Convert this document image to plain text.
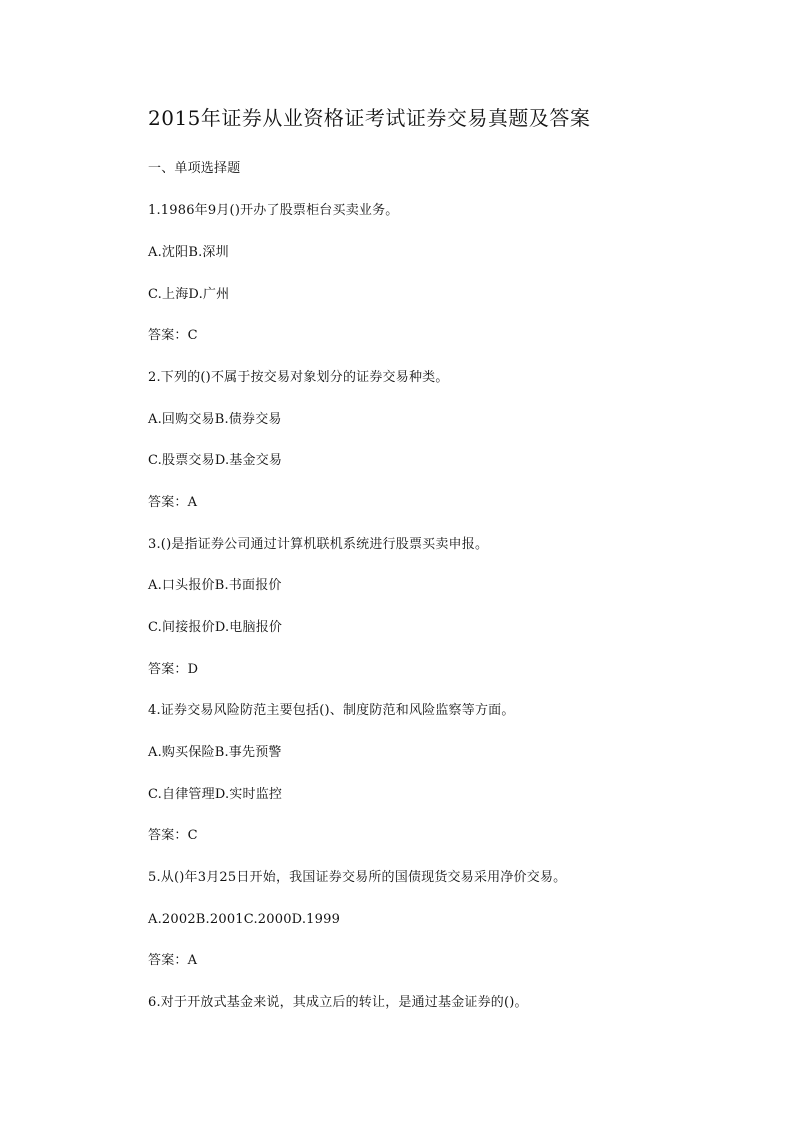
2015年证券从业资格证考试证券交易真题及答案
一、单项选择题
1.1986年9月()开办了股票柜台买卖业务。
A.沈阳B.深圳
C.上海D.广州
答案：C
2.下列的()不属于按交易对象划分的证券交易种类。
A.回购交易B.债券交易
C.股票交易D.基金交易
答案：A
3.()是指证券公司通过计算机联机系统进行股票买卖申报。
A.口头报价B.书面报价
C.间接报价D.电脑报价
答案：D
4.证券交易风险防范主要包括()、制度防范和风险监察等方面。
A.购买保险B.事先预警
C.自律管理D.实时监控
答案：C
5.从()年3月25日开始，我国证券交易所的国债现货交易采用净价交易。
A.2002B.2001C.2000D.1999
答案：A
6.对于开放式基金来说，其成立后的转让，是通过基金证券的()。
